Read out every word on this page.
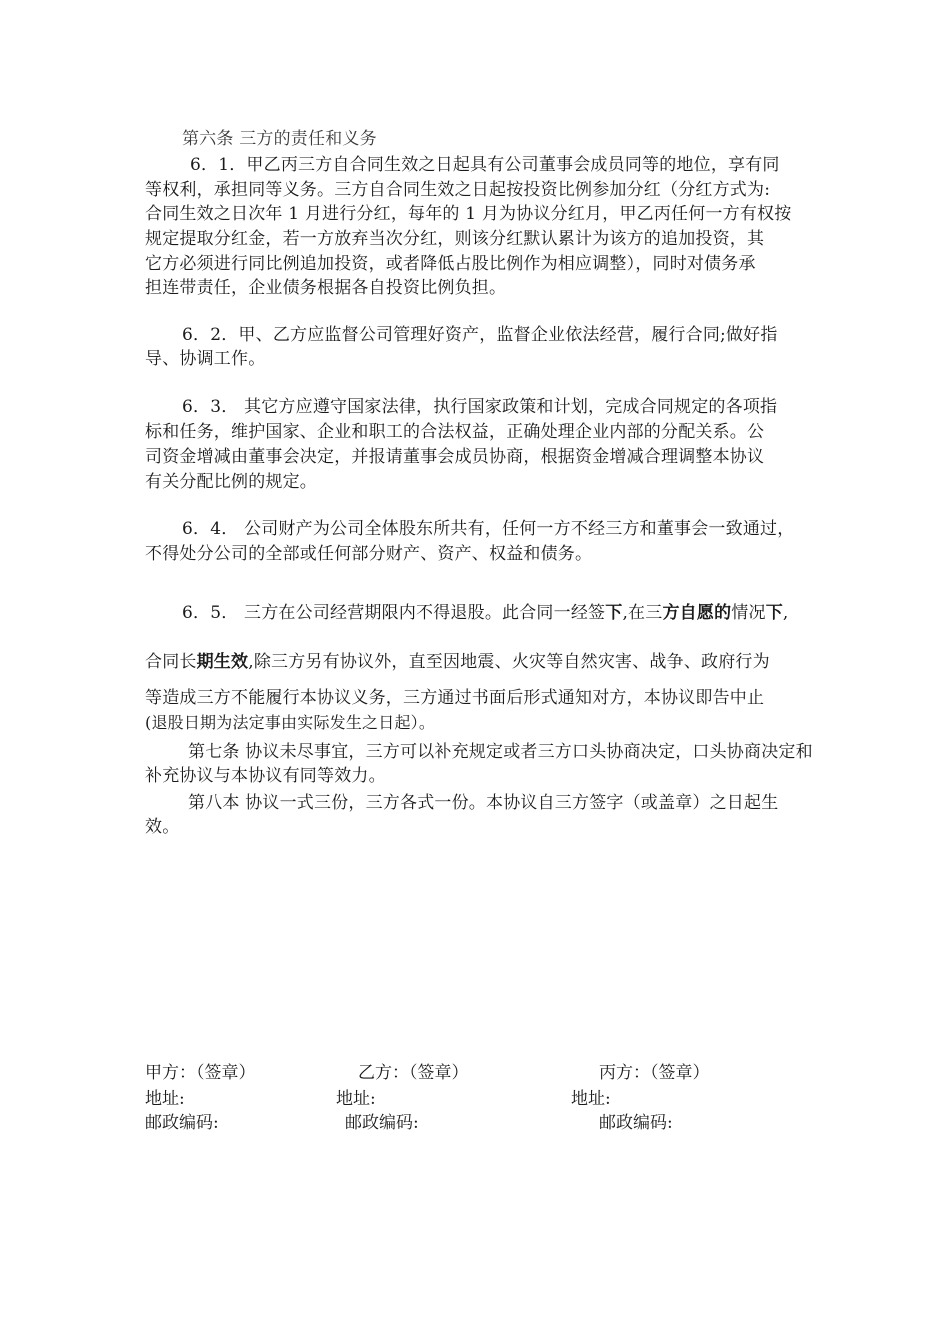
第六条 三方的责任和义务
6．1．甲乙丙三方自合同生效之日起具有公司董事会成员同等的地位，享有同
等权利，承担同等义务。三方自合同生效之日起按投资比例参加分红（分红方式为:
合同生效之日次年 1 月进行分红，每年的 1 月为协议分红月，甲乙丙任何一方有权按
规定提取分红金，若一方放弃当次分红，则该分红默认累计为该方的追加投资，其
它方必须进行同比例追加投资，或者降低占股比例作为相应调整），同时对债务承
担连带责任，企业债务根据各自投资比例负担。
6．2．甲、乙方应监督公司管理好资产，监督企业依法经营，履行合同;做好指
导、协调工作。
6．3． 其它方应遵守国家法律，执行国家政策和计划，完成合同规定的各项指
标和任务，维护国家、企业和职工的合法权益，正确处理企业内部的分配关系。公
司资金增减由董事会决定，并报请董事会成员协商，根据资金增减合理调整本协议
有关分配比例的规定。
6．4． 公司财产为公司全体股东所共有，任何一方不经三方和董事会一致通过，
不得处分公司的全部或任何部分财产、资产、权益和债务。
6．5． 三方在公司经营期限内不得退股。此合同一经签下,在三方自愿的情况下,
合同长期生效,除三方另有协议外，直至因地震、火灾等自然灾害、战争、政府行为
等造成三方不能履行本协议义务，三方通过书面后形式通知对方，本协议即告中止
(退股日期为法定事由实际发生之日起）。
第七条 协议未尽事宜，三方可以补充规定或者三方口头协商决定，口头协商决定和
补充协议与本协议有同等效力。
第八本 协议一式三份，三方各式一份。本协议自三方签字（或盖章）之日起生
效。
甲方：（签章）	乙方：（签章）	丙方：（签章）
地址:	地址:	地址:
邮政编码:	邮政编码:	邮政编码:
